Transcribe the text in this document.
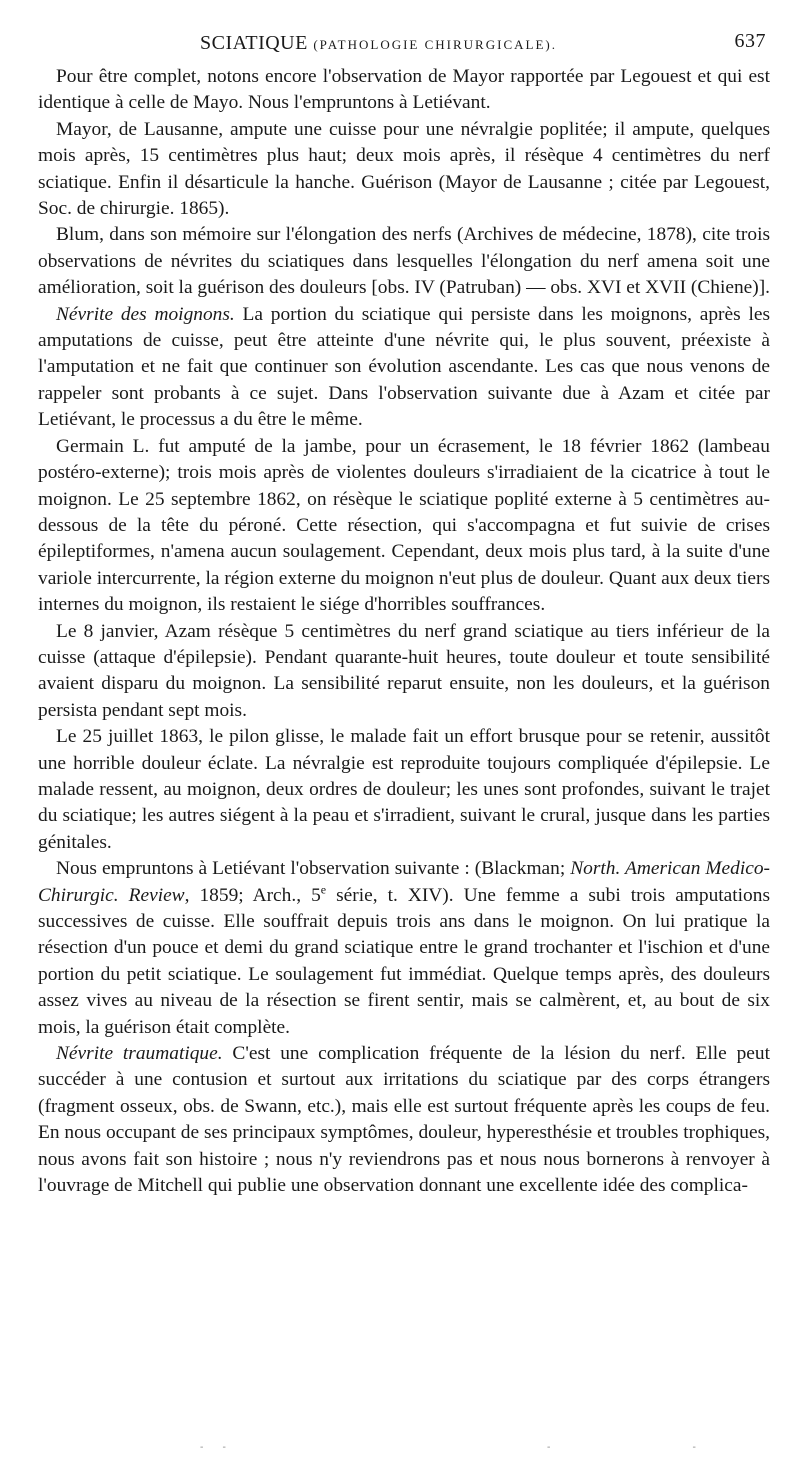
SCIATIQUE (PATHOLOGIE CHIRURGICALE).	637

Pour être complet, notons encore l'observation de Mayor rapportée par Legouest et qui est identique à celle de Mayo. Nous l'empruntons à Letiévant.

Mayor, de Lausanne, ampute une cuisse pour une névralgie poplitée; il ampute, quelques mois après, 15 centimètres plus haut; deux mois après, il résèque 4 centimètres du nerf sciatique. Enfin il désarticule la hanche. Guérison (Mayor de Lausanne ; citée par Legouest, Soc. de chirurgie. 1865).

Blum, dans son mémoire sur l'élongation des nerfs (Archives de médecine, 1878), cite trois observations de névrites du sciatiques dans lesquelles l'élongation du nerf amena soit une amélioration, soit la guérison des douleurs [obs. IV (Patruban) — obs. XVI et XVII (Chiene)].

Névrite des moignons. La portion du sciatique qui persiste dans les moignons, après les amputations de cuisse, peut être atteinte d'une névrite qui, le plus souvent, préexiste à l'amputation et ne fait que continuer son évolution ascendante. Les cas que nous venons de rappeler sont probants à ce sujet. Dans l'observation suivante due à Azam et citée par Letiévant, le processus a du être le même.

Germain L. fut amputé de la jambe, pour un écrasement, le 18 février 1862 (lambeau postéro-externe); trois mois après de violentes douleurs s'irradiaient de la cicatrice à tout le moignon. Le 25 septembre 1862, on résèque le sciatique poplité externe à 5 centimètres au-dessous de la tête du péroné. Cette résection, qui s'accompagna et fut suivie de crises épileptiformes, n'amena aucun soulagement. Cependant, deux mois plus tard, à la suite d'une variole intercurrente, la région externe du moignon n'eut plus de douleur. Quant aux deux tiers internes du moignon, ils restaient le siége d'horribles souffrances.

Le 8 janvier, Azam résèque 5 centimètres du nerf grand sciatique au tiers inférieur de la cuisse (attaque d'épilepsie). Pendant quarante-huit heures, toute douleur et toute sensibilité avaient disparu du moignon. La sensibilité reparut ensuite, non les douleurs, et la guérison persista pendant sept mois.

Le 25 juillet 1863, le pilon glisse, le malade fait un effort brusque pour se retenir, aussitôt une horrible douleur éclate. La névralgie est reproduite toujours compliquée d'épilepsie. Le malade ressent, au moignon, deux ordres de douleur; les unes sont profondes, suivant le trajet du sciatique; les autres siégent à la peau et s'irradient, suivant le crural, jusque dans les parties génitales.

Nous empruntons à Letiévant l'observation suivante : (Blackman; North. American Medico-Chirurgic. Review, 1859; Arch., 5e série, t. XIV). Une femme a subi trois amputations successives de cuisse. Elle souffrait depuis trois ans dans le moignon. On lui pratique la résection d'un pouce et demi du grand sciatique entre le grand trochanter et l'ischion et d'une portion du petit sciatique. Le soulagement fut immédiat. Quelque temps après, des douleurs assez vives au niveau de la résection se firent sentir, mais se calmèrent, et, au bout de six mois, la guérison était complète.

Névrite traumatique. C'est une complication fréquente de la lésion du nerf. Elle peut succéder à une contusion et surtout aux irritations du sciatique par des corps étrangers (fragment osseux, obs. de Swann, etc.), mais elle est surtout fréquente après les coups de feu. En nous occupant de ses principaux symptômes, douleur, hyperesthésie et troubles trophiques, nous avons fait son histoire ; nous n'y reviendrons pas et nous nous bornerons à renvoyer à l'ouvrage de Mitchell qui publie une observation donnant une excellente idée des complica-

- -                            -            -
